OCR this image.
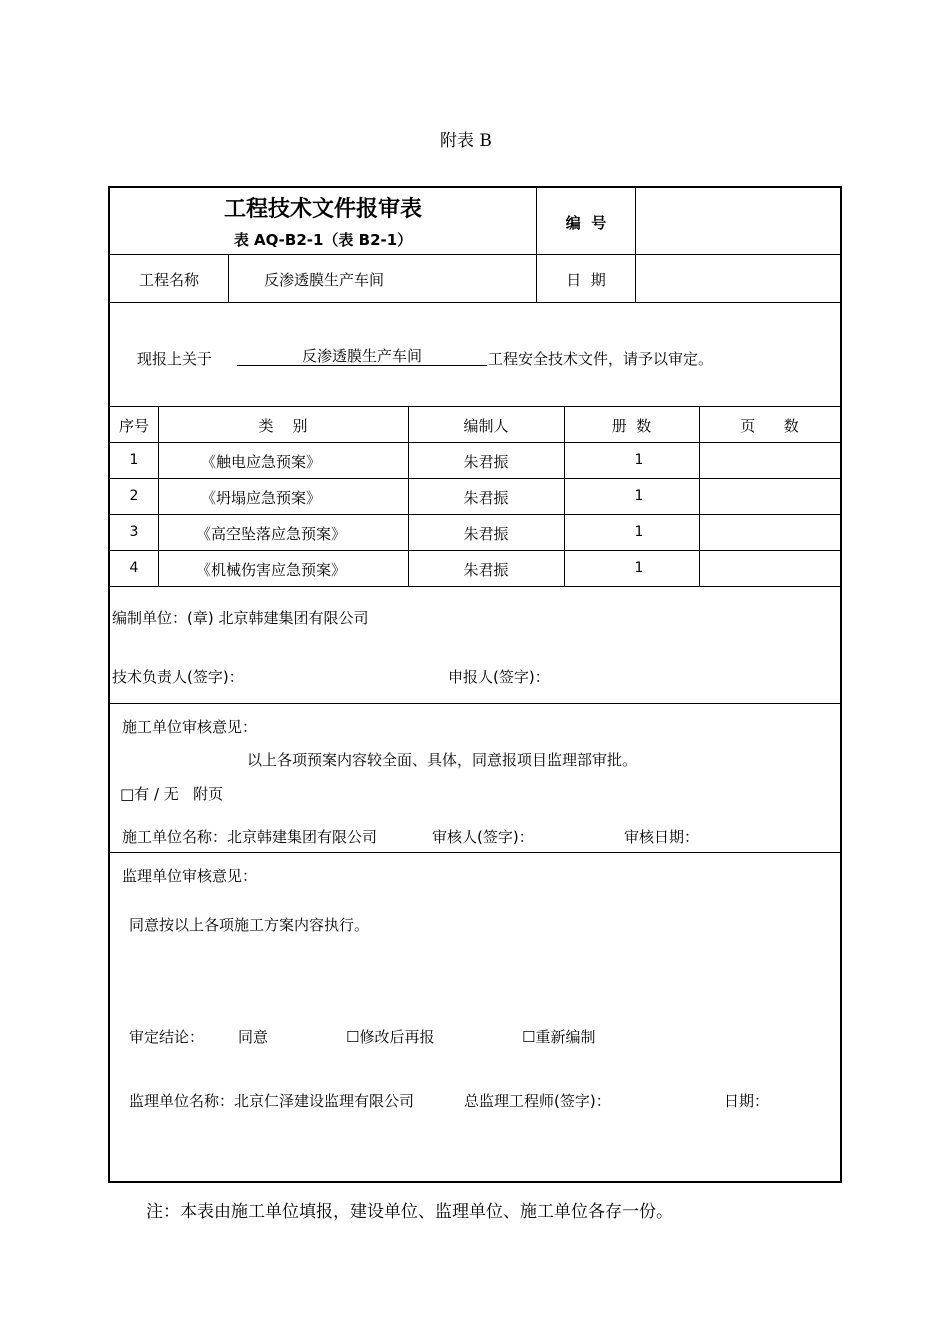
附表 B
工程技术文件报审表
表 AQ-B2-1（表 B2-1）
编  号
工程名称	反渗透膜生产车间	日  期
现报上关于	反渗透膜生产车间	工程安全技术文件，请予以审定。
序号	类    别	编制人	册  数	页      数
1	《触电应急预案》	朱君振	1
2	《坍塌应急预案》	朱君振	1
3	《高空坠落应急预案》	朱君振	1
4	《机械伤害应急预案》	朱君振	1
编制单位：(章) 北京韩建集团有限公司
技术负责人(签字)：	申报人(签字)：
施工单位审核意见：
以上各项预案内容较全面、具体，同意报项目监理部审批。
□有 / 无   附页
施工单位名称：北京韩建集团有限公司	审核人(签字)：	审核日期：
监理单位审核意见：
同意按以上各项施工方案内容执行。
审定结论： 同意	☐修改后再报	☐重新编制
监理单位名称：北京仁泽建设监理有限公司	总监理工程师(签字)：	日期：
注：本表由施工单位填报，建设单位、监理单位、施工单位各存一份。
